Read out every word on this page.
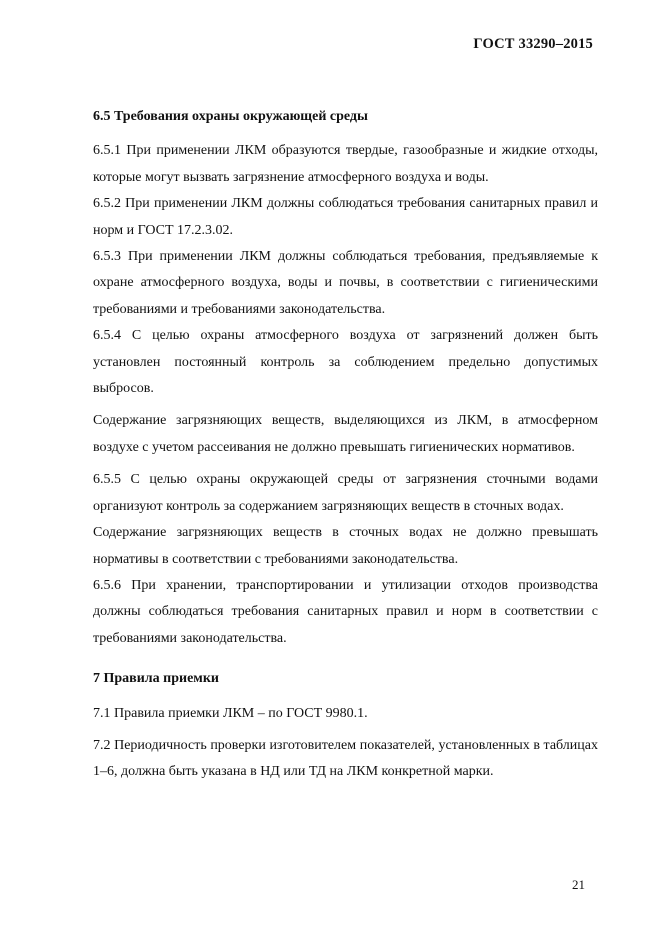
ГОСТ 33290–2015
6.5 Требования охраны окружающей среды

6.5.1 При применении ЛКМ образуются твердые, газообразные и жидкие отходы, которые могут вызвать загрязнение атмосферного воздуха и воды.

6.5.2 При применении ЛКМ должны соблюдаться требования санитарных правил и норм и ГОСТ 17.2.3.02.

6.5.3 При применении ЛКМ должны соблюдаться требования, предъявляемые к охране атмосферного воздуха, воды и почвы, в соответствии с гигиеническими требованиями и требованиями законодательства.

6.5.4 С целью охраны атмосферного воздуха от загрязнений должен быть установлен постоянный контроль за соблюдением предельно допустимых выбросов.

Содержание загрязняющих веществ, выделяющихся из ЛКМ, в атмосферном воздухе с учетом рассеивания не должно превышать гигиенических нормативов.

6.5.5 С целью охраны окружающей среды от загрязнения сточными водами организуют контроль за содержанием загрязняющих веществ в сточных водах.

Содержание загрязняющих веществ в сточных водах не должно превышать нормативы в соответствии с требованиями законодательства.

6.5.6 При хранении, транспортировании и утилизации отходов производства должны соблюдаться требования санитарных правил и норм в соответствии с требованиями законодательства.

7 Правила приемки

7.1 Правила приемки ЛКМ – по ГОСТ 9980.1.

7.2 Периодичность проверки изготовителем показателей, установленных в таблицах 1–6, должна быть указана в НД или ТД на ЛКМ конкретной марки.

21
